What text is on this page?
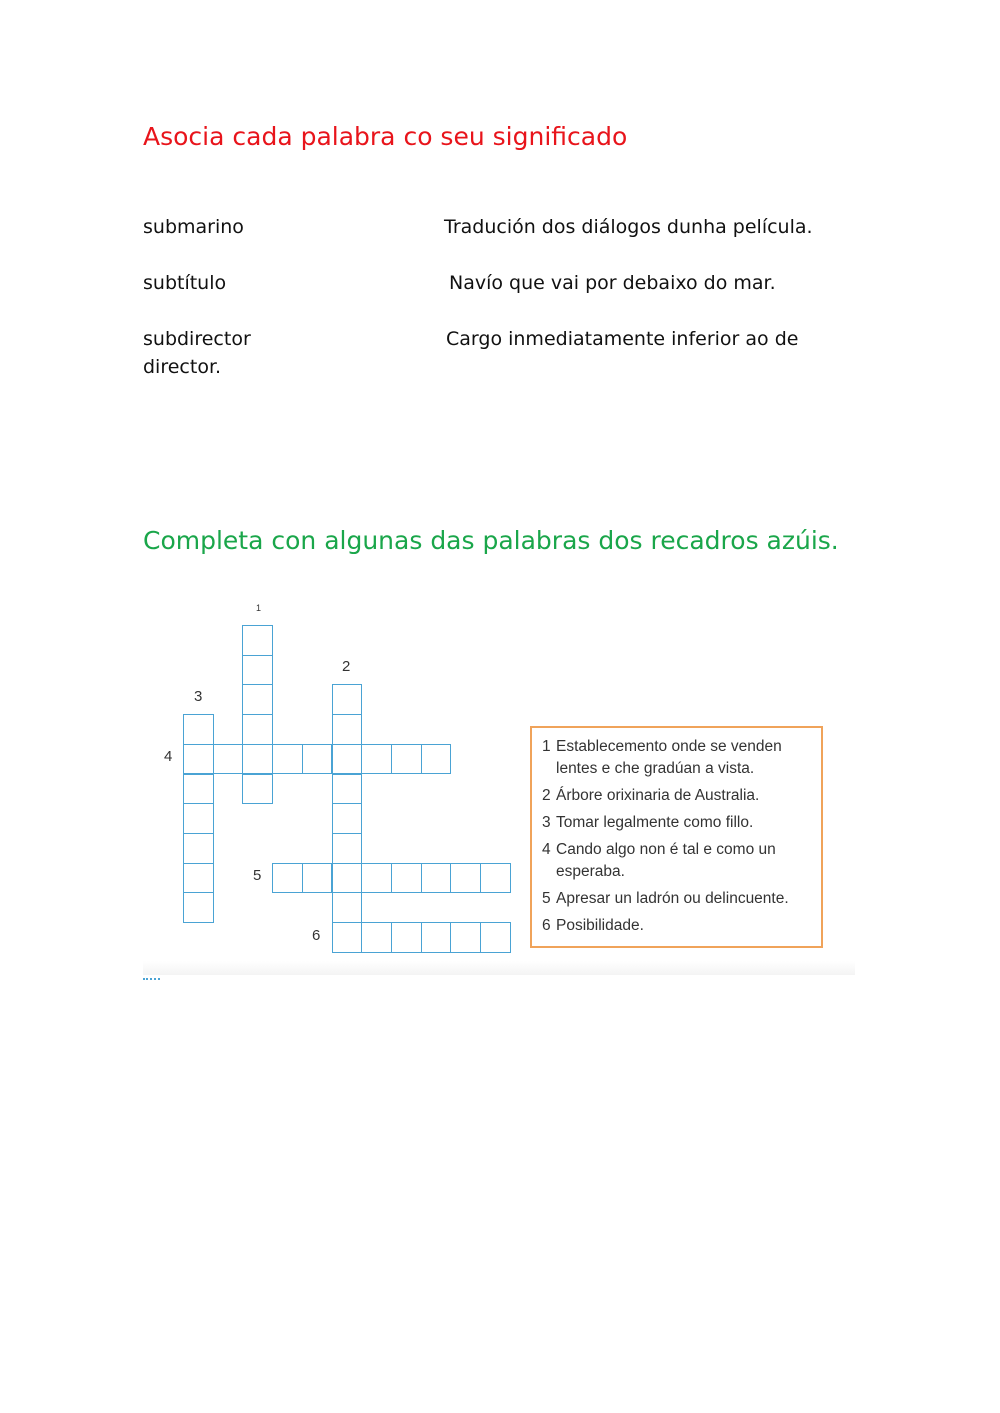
Asocia cada palabra co seu significado
submarino	Tradución dos diálogos dunha película.
subtítulo	Navío que vai por debaixo do mar.
subdirector	Cargo inmediatamente inferior ao de
director.
Completa con algunas das palabras dos recadros azúis.
1
2
3
4
5
6
1 Establecemento onde se venden lentes e che gradúan a vista.
2 Árbore orixinaria de Australia.
3 Tomar legalmente como fillo.
4 Cando algo non é tal e como un esperaba.
5 Apresar un ladrón ou delincuente.
6 Posibilidade.
